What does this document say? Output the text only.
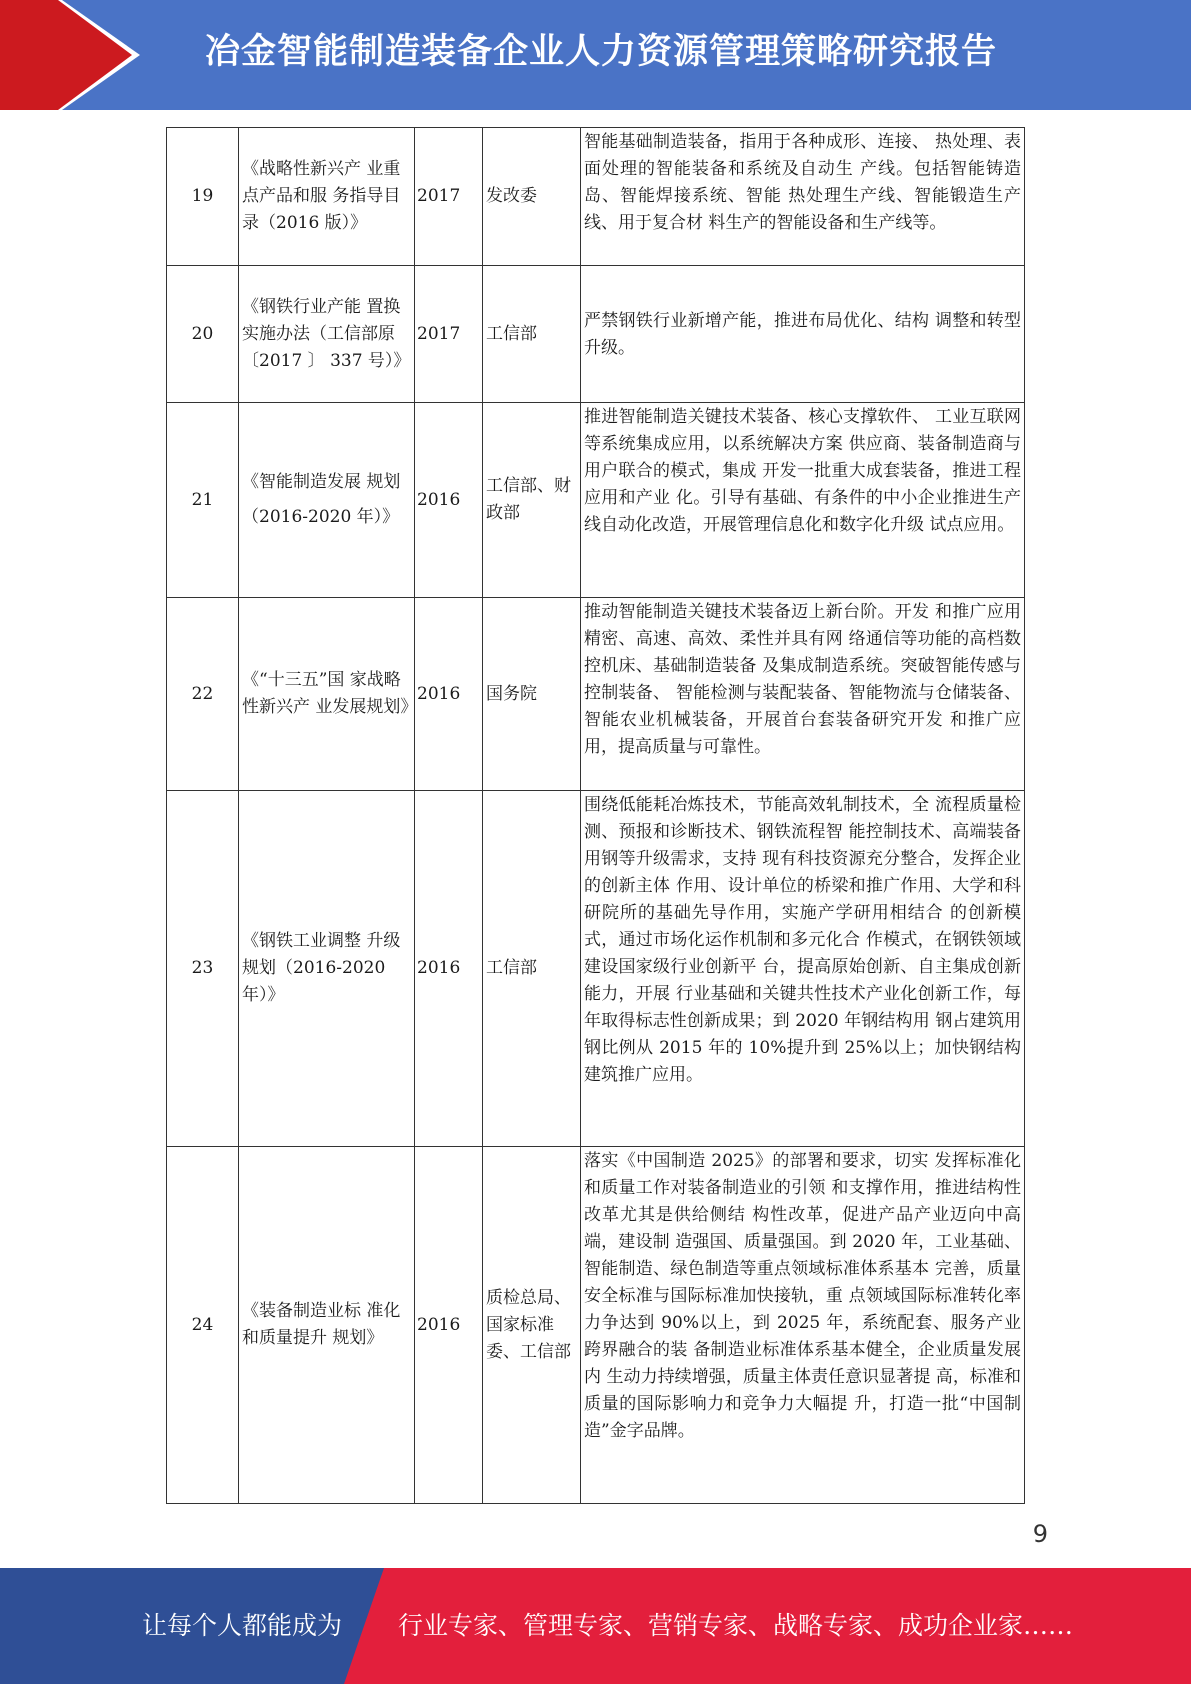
冶金智能制造装备企业人力资源管理策略研究报告
19	《战略性新兴产 业重点产品和服 务指导目录（2016 版）》	2017	发改委	智能基础制造装备，指用于各种成形、连接、 热处理、表面处理的智能装备和系统及自动生 产线。包括智能铸造岛、智能焊接系统、智能 热处理生产线、智能锻造生产线、用于复合材 料生产的智能设备和生产线等。
20	《钢铁行业产能 置换实施办法（工信部原〔2017 〕 337 号）》	2017	工信部	严禁钢铁行业新增产能，推进布局优化、结构 调整和转型升级。
21	《智能制造发展 规划（2016-2020 年）》	2016	工信部、财政部	推进智能制造关键技术装备、核心支撑软件、 工业互联网等系统集成应用，以系统解决方案 供应商、装备制造商与用户联合的模式，集成 开发一批重大成套装备，推进工程应用和产业 化。引导有基础、有条件的中小企业推进生产 线自动化改造，开展管理信息化和数字化升级 试点应用。
22	《“十三五”国 家战略性新兴产 业发展规划》	2016	国务院	推动智能制造关键技术装备迈上新台阶。开发 和推广应用精密、高速、高效、柔性并具有网 络通信等功能的高档数控机床、基础制造装备 及集成制造系统。突破智能传感与控制装备、 智能检测与装配装备、智能物流与仓储装备、 智能农业机械装备，开展首台套装备研究开发 和推广应用，提高质量与可靠性。
23	《钢铁工业调整 升级规划（2016-2020 年）》	2016	工信部	围绕低能耗冶炼技术，节能高效轧制技术，全 流程质量检测、预报和诊断技术、钢铁流程智 能控制技术、高端装备用钢等升级需求，支持 现有科技资源充分整合，发挥企业的创新主体 作用、设计单位的桥梁和推广作用、大学和科 研院所的基础先导作用，实施产学研用相结合 的创新模式，通过市场化运作机制和多元化合 作模式，在钢铁领域建设国家级行业创新平 台，提高原始创新、自主集成创新能力，开展 行业基础和关键共性技术产业化创新工作，每 年取得标志性创新成果；到 2020 年钢结构用 钢占建筑用钢比例从 2015 年的 10%提升到 25%以上；加快钢结构建筑推广应用。
24	《装备制造业标 准化和质量提升 规划》	2016	质检总局、国家标准委、工信部	落实《中国制造 2025》的部署和要求，切实 发挥标准化和质量工作对装备制造业的引领 和支撑作用，推进结构性改革尤其是供给侧结 构性改革，促进产品产业迈向中高端，建设制 造强国、质量强国。到 2020 年，工业基础、 智能制造、绿色制造等重点领域标准体系基本 完善，质量安全标准与国际标准加快接轨，重 点领域国际标准转化率力争达到 90%以上，到 2025 年，系统配套、服务产业跨界融合的装 备制造业标准体系基本健全，企业质量发展内 生动力持续增强，质量主体责任意识显著提 高，标准和质量的国际影响力和竞争力大幅提 升，打造一批“中国制造”金字品牌。
9
让每个人都能成为 行业专家、管理专家、营销专家、战略专家、成功企业家……
